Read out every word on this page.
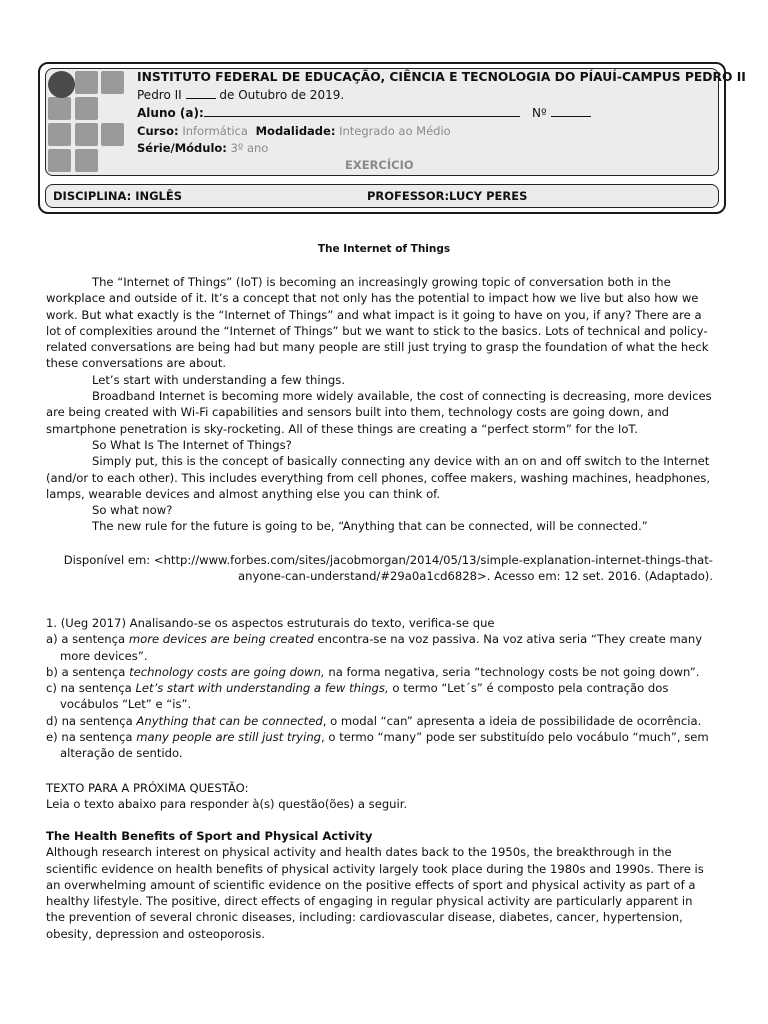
INSTITUTO FEDERAL DE EDUCAÇÃO, CIÊNCIA E TECNOLOGIA DO PÍAUÍ-CAMPUS PEDRO II
Pedro II	de Outubro de 2019.
Aluno (a):	Nº
Curso: Informática Modalidade: Integrado ao Médio
Série/Módulo: 3º ano
EXERCÍCIO
DISCIPLINA: INGLÊS	PROFESSOR:LUCY PERES
The Internet of Things

The “Internet of Things” (IoT) is becoming an increasingly growing topic of conversation both in the workplace and outside of it. It’s a concept that not only has the potential to impact how we live but also how we work. But what exactly is the “Internet of Things” and what impact is it going to have on you, if any? There are a lot of complexities around the “Internet of Things” but we want to stick to the basics. Lots of technical and policy-related conversations are being had but many people are still just trying to grasp the foundation of what the heck these conversations are about.

Let’s start with understanding a few things.

Broadband Internet is becoming more widely available, the cost of connecting is decreasing, more devices are being created with Wi-Fi capabilities and sensors built into them, technology costs are going down, and smartphone penetration is sky-rocketing. All of these things are creating a “perfect storm” for the IoT.

So What Is The Internet of Things?

Simply put, this is the concept of basically connecting any device with an on and off switch to the Internet (and/or to each other). This includes everything from cell phones, coffee makers, washing machines, headphones, lamps, wearable devices and almost anything else you can think of.

So what now?

The new rule for the future is going to be, “Anything that can be connected, will be connected.”

Disponível em: <http://www.forbes.com/sites/jacobmorgan/2014/05/13/simple-explanation-internet-things-that-

anyone-can-understand/#29a0a1cd6828>. Acesso em: 12 set. 2016. (Adaptado).

1. (Ueg 2017) Analisando-se os aspectos estruturais do texto, verifica-se que

a) a sentença more devices are being created encontra-se na voz passiva. Na voz ativa seria “They create many more devices”.

b) a sentença technology costs are going down, na forma negativa, seria “technology costs be not going down”.

c) na sentença Let’s start with understanding a few things, o termo “Let´s” é composto pela contração dos vocábulos “Let” e “is”.

d) na sentença Anything that can be connected, o modal “can” apresenta a ideia de possibilidade de ocorrência.

e) na sentença many people are still just trying, o termo “many” pode ser substituído pelo vocábulo “much”, sem alteração de sentido.

TEXTO PARA A PRÓXIMA QUESTÃO:

Leia o texto abaixo para responder à(s) questão(ões) a seguir.

The Health Benefits of Sport and Physical Activity

Although research interest on physical activity and health dates back to the 1950s, the breakthrough in the scientific evidence on health benefits of physical activity largely took place during the 1980s and 1990s. There is an overwhelming amount of scientific evidence on the positive effects of sport and physical activity as part of a healthy lifestyle. The positive, direct effects of engaging in regular physical activity are particularly apparent in the prevention of several chronic diseases, including: cardiovascular disease, diabetes, cancer, hypertension, obesity, depression and osteoporosis.
